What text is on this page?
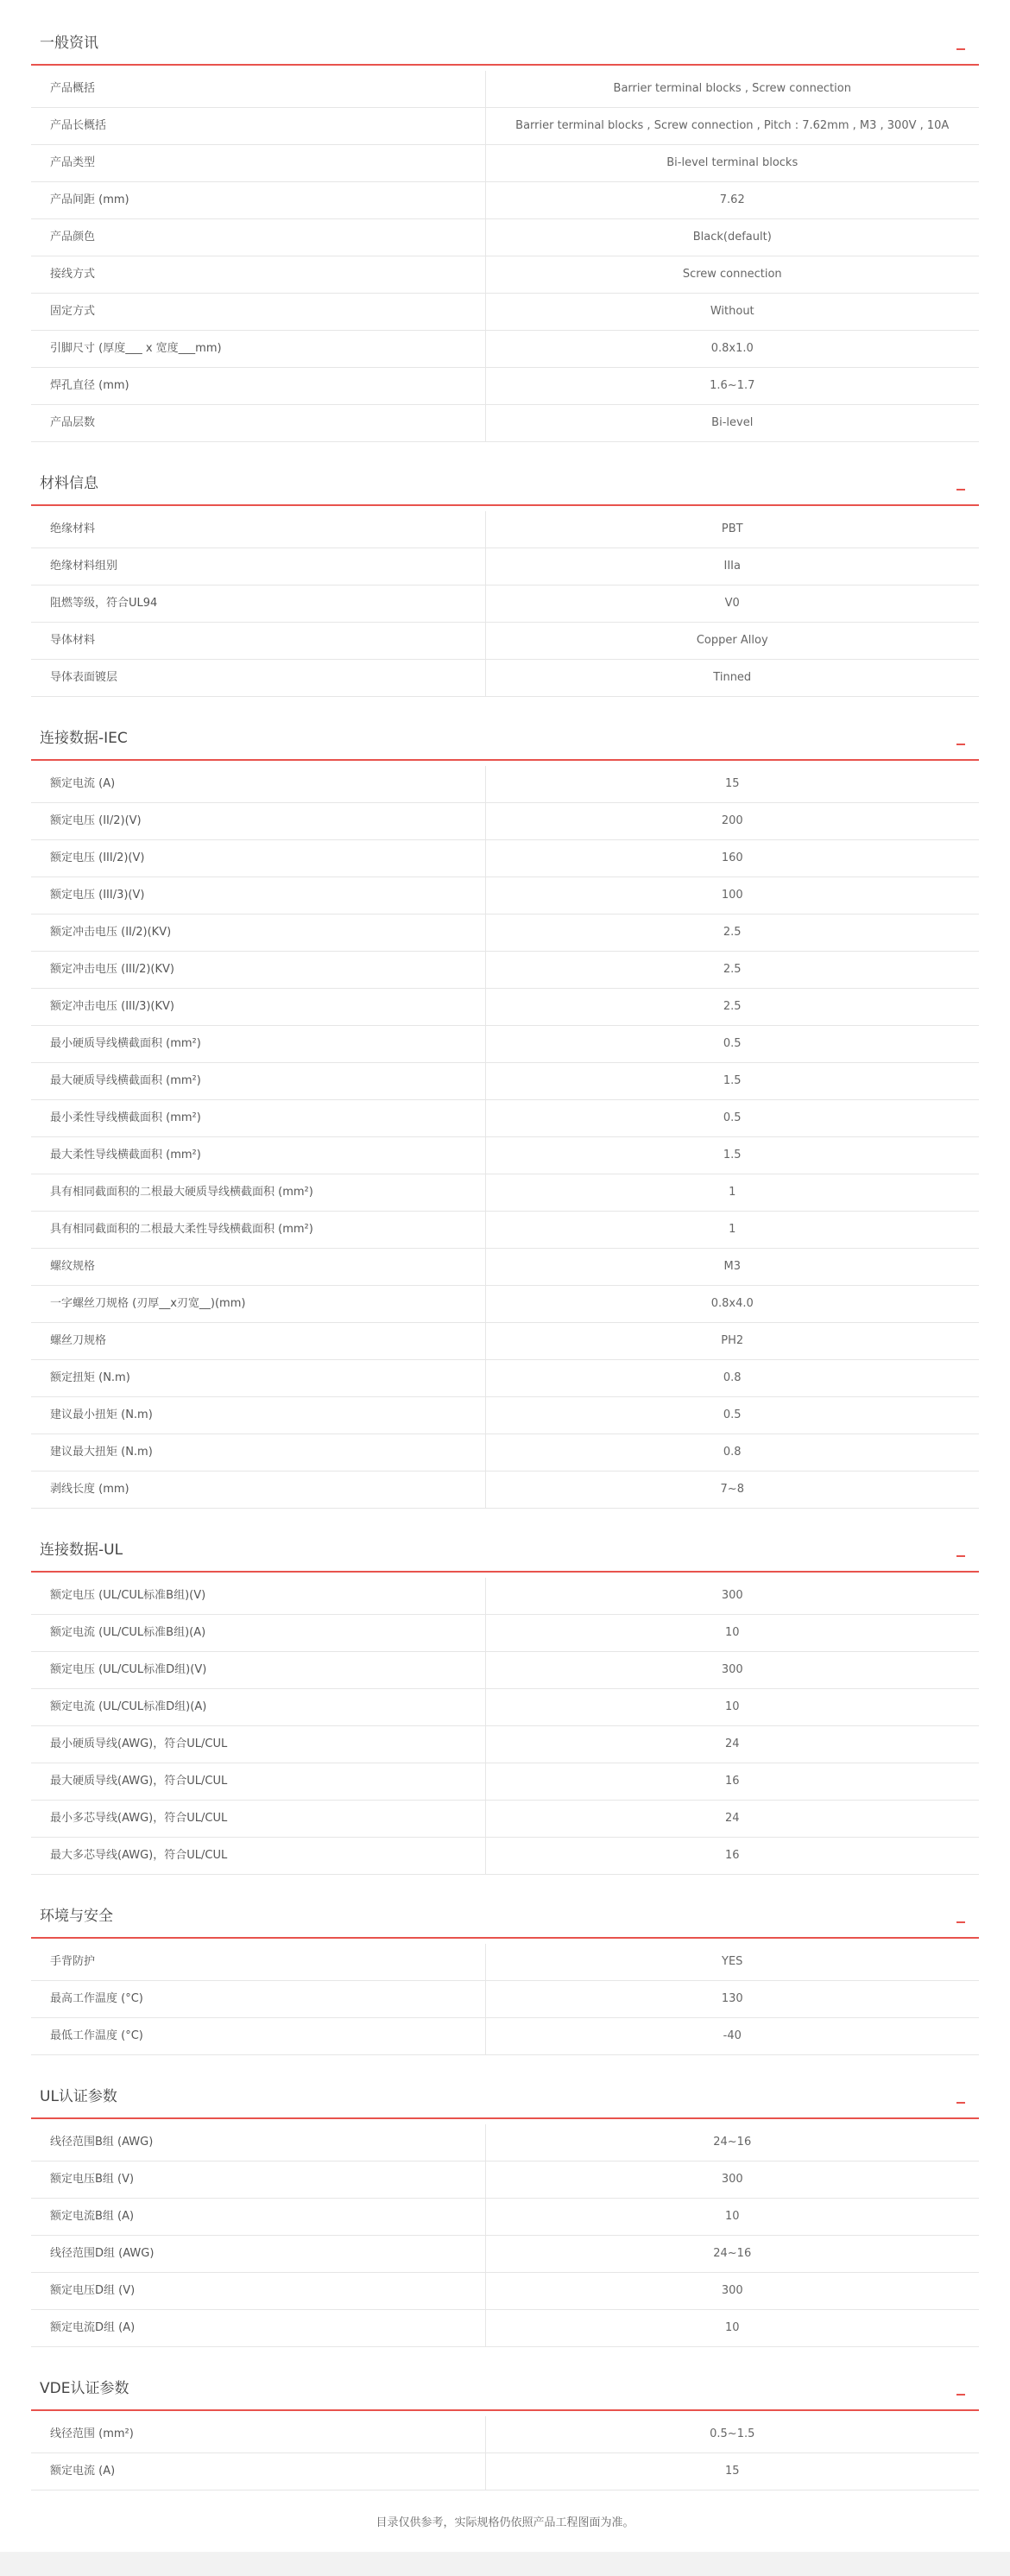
一般资讯
产品概括	Barrier terminal blocks , Screw connection
产品长概括	Barrier terminal blocks , Screw connection , Pitch : 7.62mm , M3 , 300V , 10A
产品类型	Bi-level terminal blocks
产品间距 (mm)	7.62
产品颜色	Black(default)
接线方式	Screw connection
固定方式	Without
引脚尺寸 (厚度___ x 宽度___mm)	0.8x1.0
焊孔直径 (mm)	1.6~1.7
产品层数	Bi-level
材料信息
绝缘材料	PBT
绝缘材料组别	IIIa
阻燃等级，符合UL94	V0
导体材料	Copper Alloy
导体表面镀层	Tinned
连接数据-IEC
额定电流 (A)	15
额定电压 (II/2)(V)	200
额定电压 (III/2)(V)	160
额定电压 (III/3)(V)	100
额定冲击电压 (II/2)(KV)	2.5
额定冲击电压 (III/2)(KV)	2.5
额定冲击电压 (III/3)(KV)	2.5
最小硬质导线横截面积 (mm²)	0.5
最大硬质导线横截面积 (mm²)	1.5
最小柔性导线横截面积 (mm²)	0.5
最大柔性导线横截面积 (mm²)	1.5
具有相同截面积的二根最大硬质导线横截面积 (mm²)	1
具有相同截面积的二根最大柔性导线横截面积 (mm²)	1
螺纹规格	M3
一字螺丝刀规格 (刃厚__x刃宽__)(mm)	0.8x4.0
螺丝刀规格	PH2
额定扭矩 (N.m)	0.8
建议最小扭矩 (N.m)	0.5
建议最大扭矩 (N.m)	0.8
剥线长度 (mm)	7~8
连接数据-UL
额定电压 (UL/CUL标准B组)(V)	300
额定电流 (UL/CUL标准B组)(A)	10
额定电压 (UL/CUL标准D组)(V)	300
额定电流 (UL/CUL标准D组)(A)	10
最小硬质导线(AWG)，符合UL/CUL	24
最大硬质导线(AWG)，符合UL/CUL	16
最小多芯导线(AWG)，符合UL/CUL	24
最大多芯导线(AWG)，符合UL/CUL	16
环境与安全
手背防护	YES
最高工作温度 (°C)	130
最低工作温度 (°C)	-40
UL认证参数
线径范围B组 (AWG)	24~16
额定电压B组 (V)	300
额定电流B组 (A)	10
线径范围D组 (AWG)	24~16
额定电压D组 (V)	300
额定电流D组 (A)	10
VDE认证参数
线径范围 (mm²)	0.5~1.5
额定电流 (A)	15
目录仅供参考，实际规格仍依照产品工程图面为准。
